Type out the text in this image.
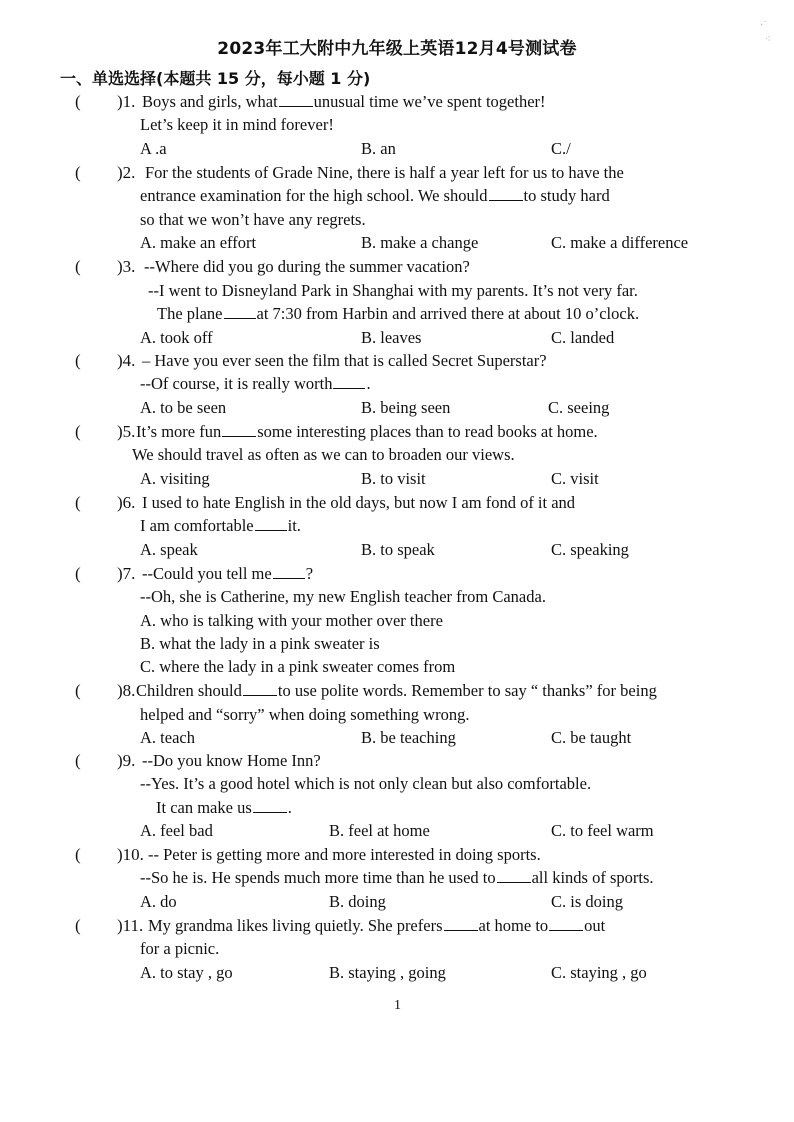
2023年工大附中九年级上英语12月4号测试卷
一、单选选择(本题共 15 分，每小题 1 分)
( )1. Boys and girls, what unusual time we’ve spent together!
Let’s keep it in mind forever!
A .a	B. an	C./
( )2. For the students of Grade Nine, there is half a year left for us to have the
entrance examination for the high school. We should to study hard
so that we won’t have any regrets.
A. make an effort	B. make a change	C. make a difference
( )3. --Where did you go during the summer vacation?
--I went to Disneyland Park in Shanghai with my parents. It’s not very far.
The plane at 7:30 from Harbin and arrived there at about 10 o’clock.
A. took off	B. leaves	C. landed
( )4. – Have you ever seen the film that is called Secret Superstar?
--Of course, it is really worth .
A. to be seen	B. being seen	C. seeing
( )5. It’s more fun some interesting places than to read books at home.
We should travel as often as we can to broaden our views.
A. visiting	B. to visit	C. visit
( )6. I used to hate English in the old days, but now I am fond of it and
I am comfortable it.
A. speak	B. to speak	C. speaking
( )7. --Could you tell me ?
--Oh, she is Catherine, my new English teacher from Canada.
A. who is talking with your mother over there
B. what the lady in a pink sweater is
C. where the lady in a pink sweater comes from
( )8. Children should to use polite words. Remember to say “ thanks” for being
helped and “sorry” when doing something wrong.
A. teach	B. be teaching	C. be taught
( )9. --Do you know Home Inn?
--Yes. It’s a good hotel which is not only clean but also comfortable.
It can make us .
A. feel bad	B. feel at home	C. to feel warm
( )10. -- Peter is getting more and more interested in doing sports.
--So he is. He spends much more time than he used to all kinds of sports.
A. do	B. doing	C. is doing
( )11. My grandma likes living quietly. She prefers at home to out
for a picnic.
A. to stay , go	B. staying , going	C. staying , go
1
·˙
⁖
